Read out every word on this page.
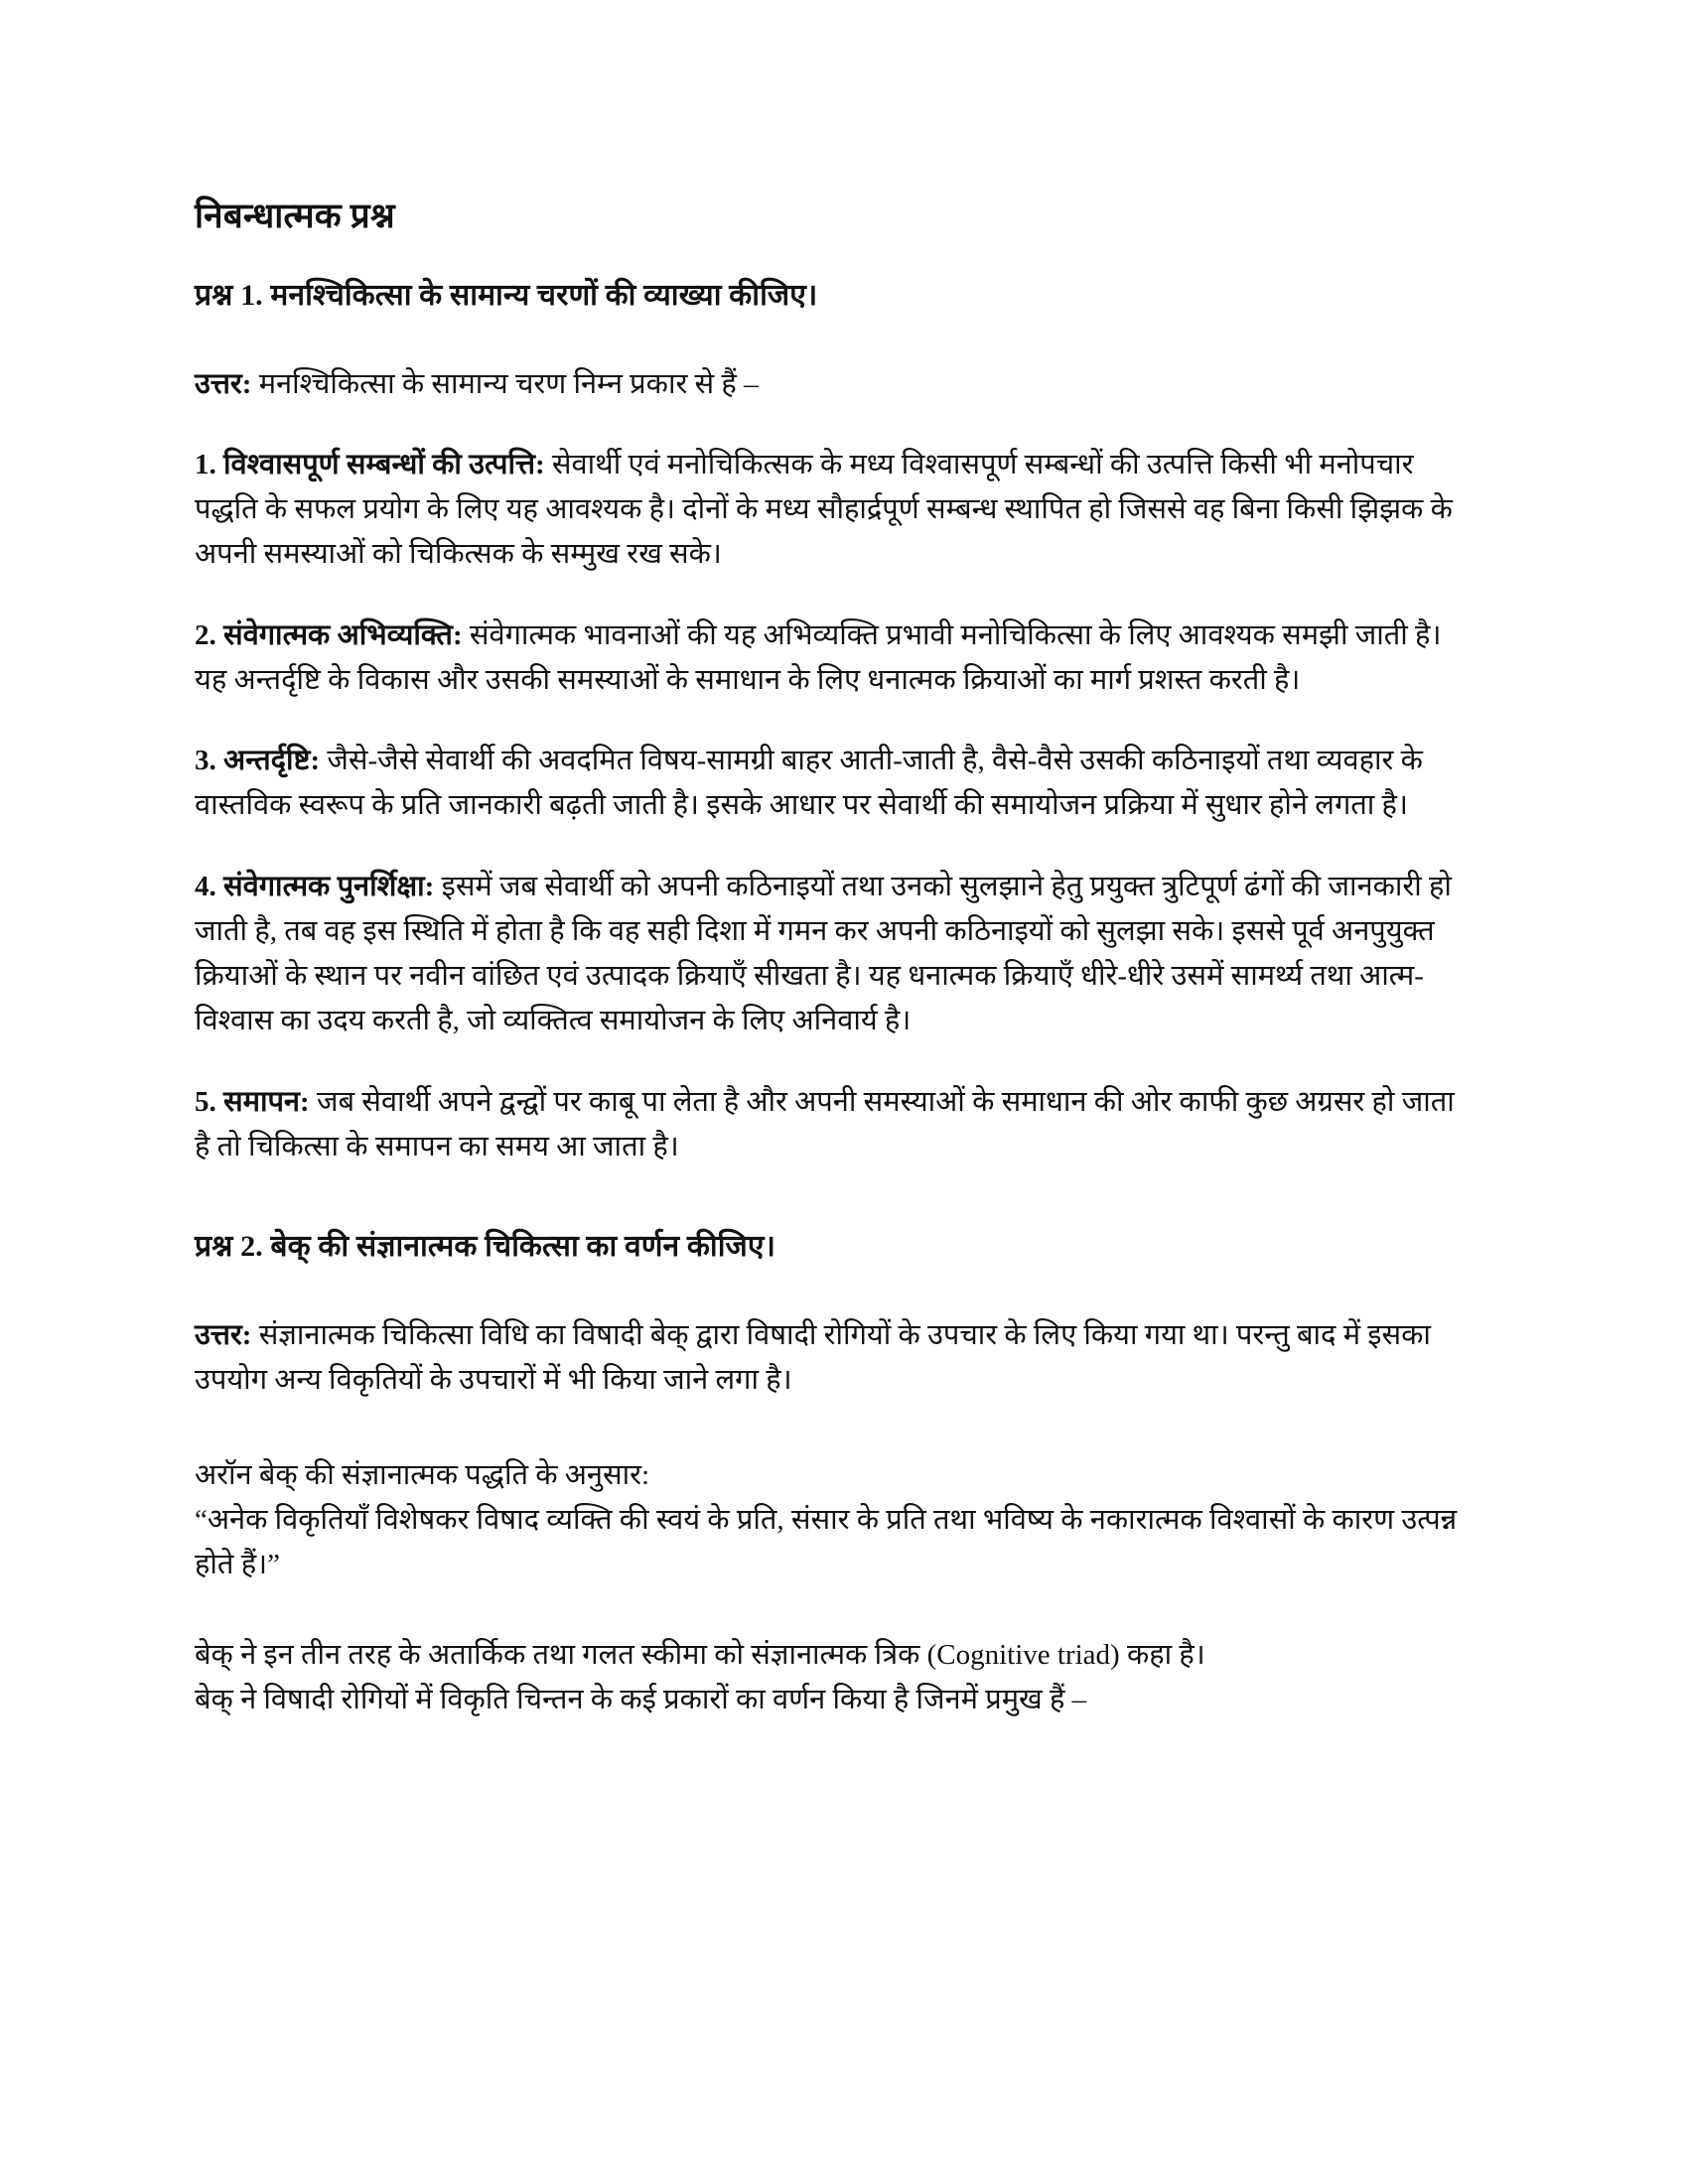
निबन्धात्मक प्रश्न
प्रश्न 1. मनश्चिकित्सा के सामान्य चरणों की व्याख्या कीजिए।

उत्तर: मनश्चिकित्सा के सामान्य चरण निम्न प्रकार से हैं –

1. विश्वासपूर्ण सम्बन्धों की उत्पत्ति: सेवार्थी एवं मनोचिकित्सक के मध्य विश्वासपूर्ण सम्बन्धों की उत्पत्ति किसी भी मनोपचार पद्धति के सफल प्रयोग के लिए यह आवश्यक है। दोनों के मध्य सौहार्द्रपूर्ण सम्बन्ध स्थापित हो जिससे वह बिना किसी झिझक के अपनी समस्याओं को चिकित्सक के सम्मुख रख सके।

2. संवेगात्मक अभिव्यक्ति: संवेगात्मक भावनाओं की यह अभिव्यक्ति प्रभावी मनोचिकित्सा के लिए आवश्यक समझी जाती है। यह अन्तर्दृष्टि के विकास और उसकी समस्याओं के समाधान के लिए धनात्मक क्रियाओं का मार्ग प्रशस्त करती है।

3. अन्तर्दृष्टि: जैसे-जैसे सेवार्थी की अवदमित विषय-सामग्री बाहर आती-जाती है, वैसे-वैसे उसकी कठिनाइयों तथा व्यवहार के वास्तविक स्वरूप के प्रति जानकारी बढ़ती जाती है। इसके आधार पर सेवार्थी की समायोजन प्रक्रिया में सुधार होने लगता है।

4. संवेगात्मक पुनर्शिक्षा: इसमें जब सेवार्थी को अपनी कठिनाइयों तथा उनको सुलझाने हेतु प्रयुक्त त्रुटिपूर्ण ढंगों की जानकारी हो जाती है, तब वह इस स्थिति में होता है कि वह सही दिशा में गमन कर अपनी कठिनाइयों को सुलझा सके। इससे पूर्व अनपुयुक्त क्रियाओं के स्थान पर नवीन वांछित एवं उत्पादक क्रियाएँ सीखता है। यह धनात्मक क्रियाएँ धीरे-धीरे उसमें सामर्थ्य तथा आत्म-विश्वास का उदय करती है, जो व्यक्तित्व समायोजन के लिए अनिवार्य है।

5. समापन: जब सेवार्थी अपने द्वन्द्वों पर काबू पा लेता है और अपनी समस्याओं के समाधान की ओर काफी कुछ अग्रसर हो जाता है तो चिकित्सा के समापन का समय आ जाता है।

प्रश्न 2. बेक् की संज्ञानात्मक चिकित्सा का वर्णन कीजिए।

उत्तर: संज्ञानात्मक चिकित्सा विधि का विषादी बेक् द्वारा विषादी रोगियों के उपचार के लिए किया गया था। परन्तु बाद में इसका उपयोग अन्य विकृतियों के उपचारों में भी किया जाने लगा है।

अरॉन बेक् की संज्ञानात्मक पद्धति के अनुसार:
“अनेक विकृतियाँ विशेषकर विषाद व्यक्ति की स्वयं के प्रति, संसार के प्रति तथा भविष्य के नकारात्मक विश्वासों के कारण उत्पन्न होते हैं।”
बेक् ने इन तीन तरह के अतार्किक तथा गलत स्कीमा को संज्ञानात्मक त्रिक (Cognitive triad) कहा है।
बेक् ने विषादी रोगियों में विकृति चिन्तन के कई प्रकारों का वर्णन किया है जिनमें प्रमुख हैं –
